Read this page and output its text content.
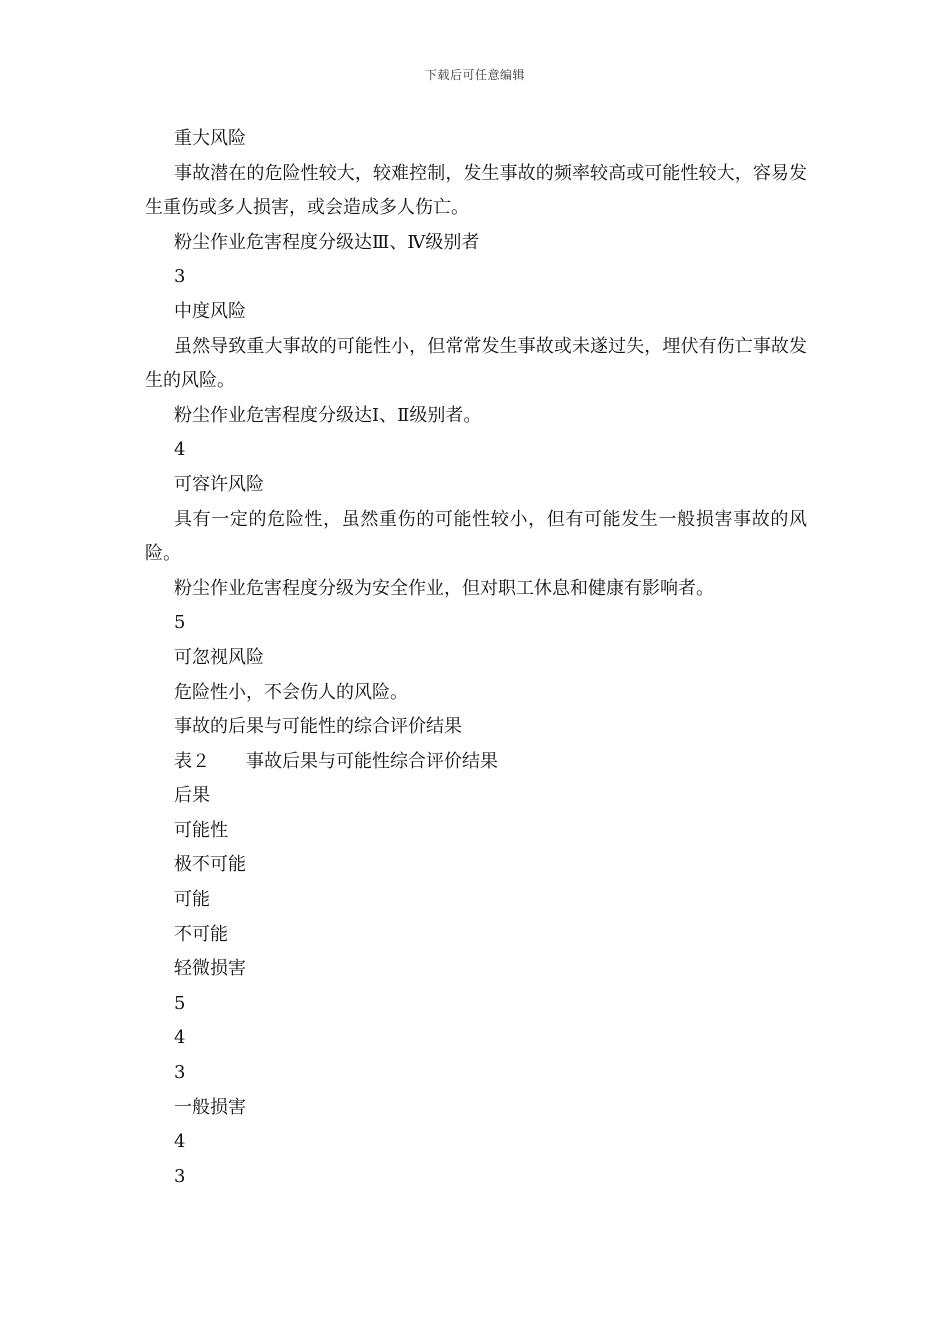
下载后可任意编辑

重大风险

事故潜在的危险性较大，较难控制，发生事故的频率较高或可能性较大，容易发生重伤或多人损害，或会造成多人伤亡。

粉尘作业危害程度分级达Ⅲ、Ⅳ级别者

3

中度风险

虽然导致重大事故的可能性小，但常常发生事故或未遂过失，埋伏有伤亡事故发生的风险。

粉尘作业危害程度分级达Ⅰ、Ⅱ级别者。

4

可容许风险

具有一定的危险性，虽然重伤的可能性较小，但有可能发生一般损害事故的风险。

粉尘作业危害程度分级为安全作业，但对职工休息和健康有影响者。

5

可忽视风险

危险性小，不会伤人的风险。

事故的后果与可能性的综合评价结果

表２　　事故后果与可能性综合评价结果

后果

可能性

极不可能

可能

不可能

轻微损害

5

4

3

一般损害

4

3
